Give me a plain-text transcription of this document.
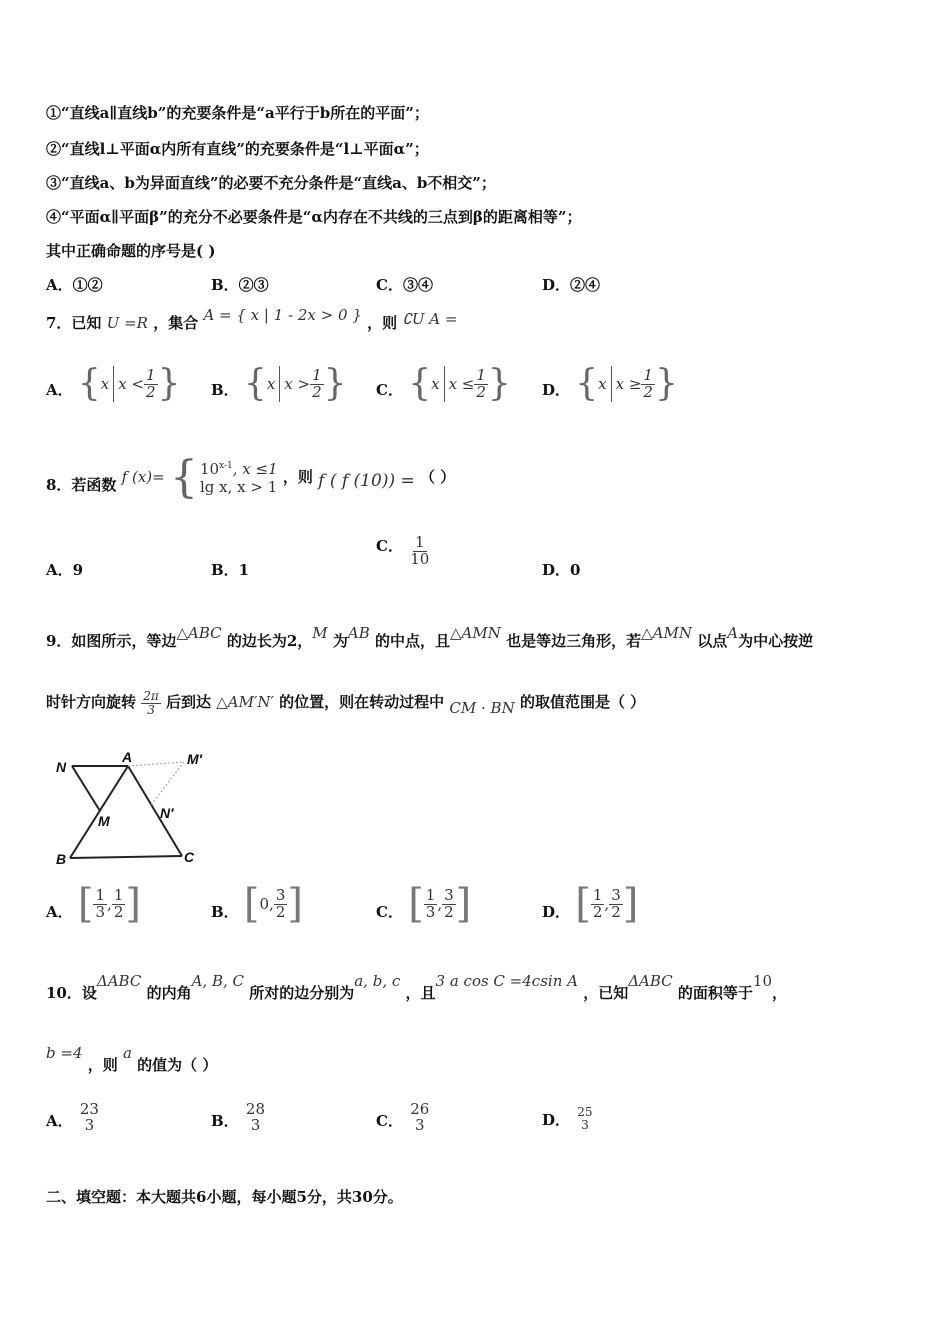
①“直线a∥直线b”的充要条件是“a平行于b所在的平面”；
②“直线l⊥平面α内所有直线”的充要条件是“l⊥平面α”；
③“直线a、b为异面直线”的必要不充分条件是“直线a、b不相交”；
④“平面α∥平面β”的充分不必要条件是“α内存在不共线的三点到β的距离相等”；
其中正确命题的序号是( )
A．①②	B．②③	C．③④	D．②④
7．已知 U =R ，集合 A = { x | 1 - 2x > 0 } ，则 ∁U A =
A． { x $x < \frac{1}{2}$ } B． { x $x > \frac{1}{2}$ } C． { x $x \le \frac{1}{2}$ } D． { x $x \ge \frac{1}{2}$ }
8．若函数 f (x)= { 10$^{x-1}$, x ≤1
lg x, x > 1
，则 f ( f (10)) = （ ）
A．9	B．1
C． $\frac{1}{10}$
D．0
9．如图所示，等边△ABC 的边长为2，M 为AB 的中点，且△AMN 也是等边三角形，若△AMN 以点A为中心按逆
时针方向旋转 $\frac{2\pi}{3}$ 后到达 △AM′N′ 的位置，则在转动过程中 CM · BN 的取值范围是（ ）
N
A	M′
M	N′
B	C
A． [ $\frac{1}{3}$ , $\frac{1}{2}$ ]	B． [ 0 , $\frac{3}{2}$ ]	C． [ $\frac{1}{3}$ , $\frac{3}{2}$ ]	D． [ $\frac{1}{2}$ , $\frac{3}{2}$ ]
10．设ΔABC 的内角A, B, C 所对的边分别为a, b, c ，且3 a cos C =4csin A ，已知ΔABC 的面积等于10，
b =4 ，则 a 的值为（ ）
A．
23
3	B．
28
3	C．
26
3	D． 25
3
二、填空题：本大题共6小题，每小题5分，共30分。
